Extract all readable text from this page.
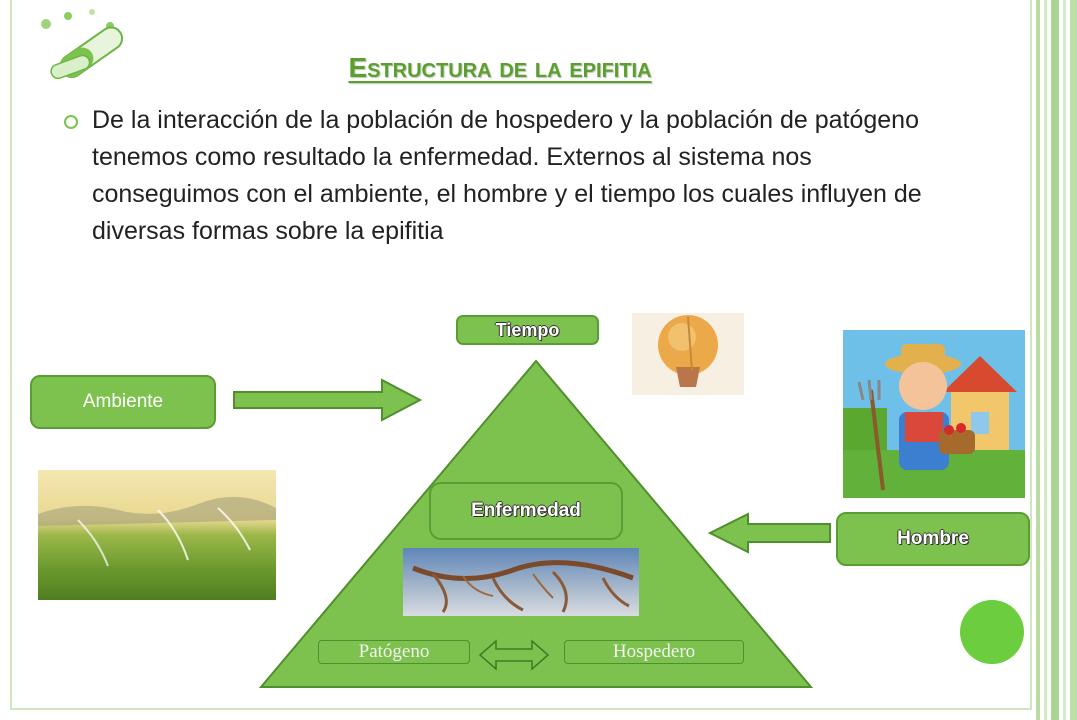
Estructura de la epifitia
De la interacción de la población de hospedero y la población de patógeno tenemos como resultado la enfermedad. Externos al sistema nos conseguimos con el ambiente, el hombre y el tiempo los cuales influyen de diversas formas sobre la epifitia
Tiempo
Ambiente
Enfermedad
Hombre
Patógeno	Hospedero
